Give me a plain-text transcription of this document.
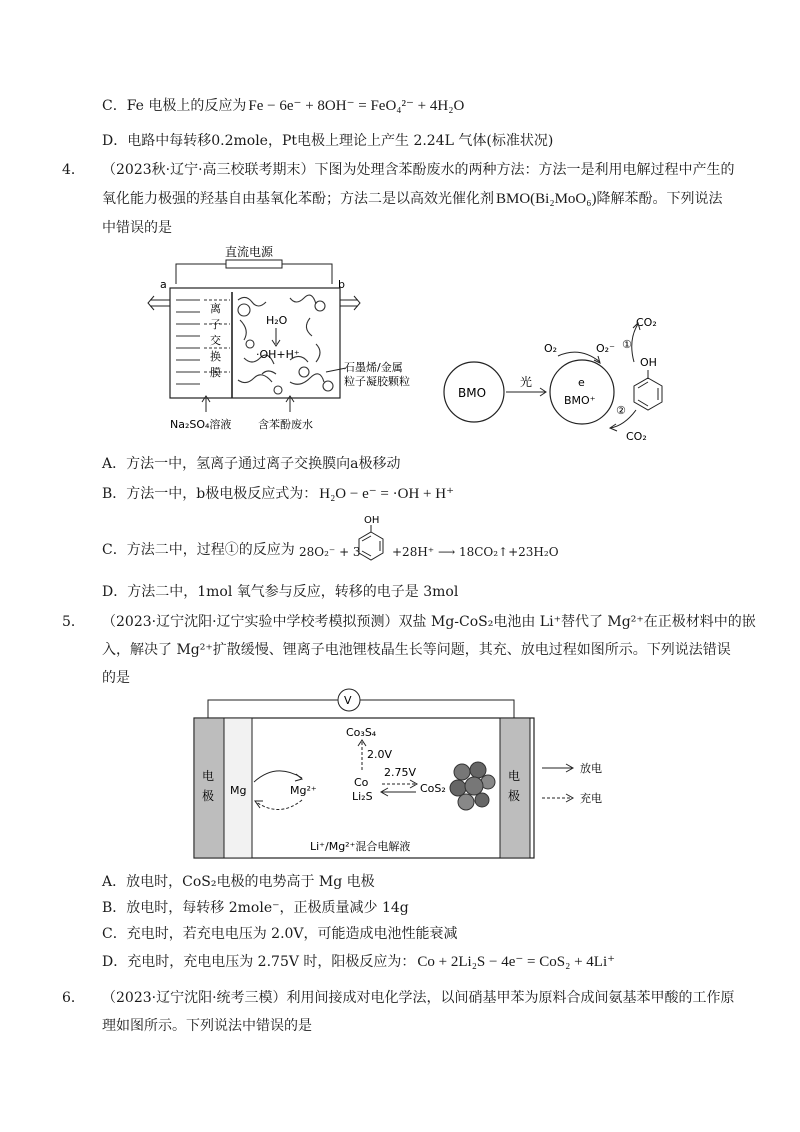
C．Fe 电极上的反应为 Fe − 6e⁻ + 8OH⁻ = FeO₄²⁻ + 4H₂O
D．电路中每转移0.2mole，Pt电极上理论上产生 2.24L 气体(标准状况)
4． （2023秋·辽宁·高三校联考期末）下图为处理含苯酚废水的两种方法：方法一是利用电解过程中产生的
氧化能力极强的羟基自由基氧化苯酚；方法二是以高效光催化剂 BMO(Bi₂MoO₆)降解苯酚。下列说法
中错误的是
直流电源
a	b
离
子
交
换
膜
H₂O
·OH+H⁺
石墨烯/金属
粒子凝胶颗粒
Na₂SO₄溶液 含苯酚废水
BMO
光	e
BMO⁺
O₂	O₂⁻
CO₂
①
OH
②
CO₂
A．方法一中，氢离子通过离子交换膜向a极移动
B．方法一中，b极电极反应式为： H₂O − e⁻ = ·OH + H⁺
C．方法二中，过程①的反应为 28O₂⁻ + 3
OH
+28H⁺ ⟶ 18CO₂↑+23H₂O
D．方法二中，1mol 氧气参与反应，转移的电子是 3mol
5． （2023·辽宁沈阳·辽宁实验中学校考模拟预测）双盐 Mg-CoS₂电池由 Li⁺替代了 Mg²⁺在正极材料中的嵌
入，解决了 Mg²⁺扩散缓慢、锂离子电池锂枝晶生长等问题，其充、放电过程如图所示。下列说法错误
的是
V
电
极 Mg
电
极
Mg²⁺
Co₃S₄
2.0V
Co
Li₂S
2.75V
CoS₂
Li⁺/Mg²⁺混合电解液
放电
充电
A．放电时，CoS₂电极的电势高于 Mg 电极
B．放电时，每转移 2mole⁻，正极质量减少 14g
C．充电时，若充电电压为 2.0V，可能造成电池性能衰减
D．充电时，充电电压为 2.75V 时，阳极反应为： Co + 2Li₂S − 4e⁻ = CoS₂ + 4Li⁺
6． （2023·辽宁沈阳·统考三模）利用间接成对电化学法，以间硝基甲苯为原料合成间氨基苯甲酸的工作原
理如图所示。下列说法中错误的是
